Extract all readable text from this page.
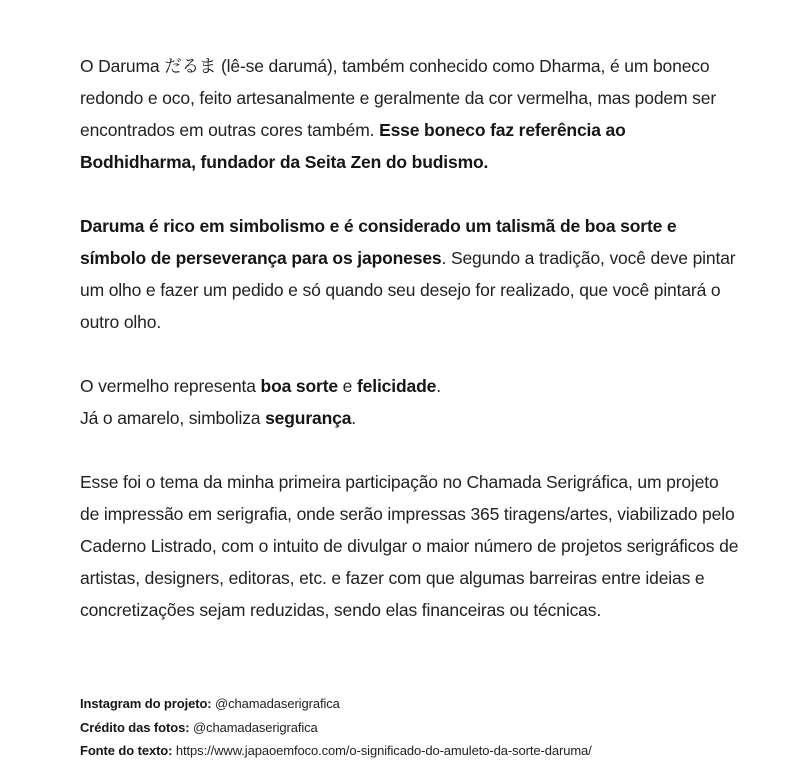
O Daruma だるま (lê-se darumá), também conhecido como Dharma, é um boneco redondo e oco, feito artesanalmente e geralmente da cor vermelha, mas podem ser encontrados em outras cores também. Esse boneco faz referência ao Bodhidharma, fundador da Seita Zen do budismo.

Daruma é rico em simbolismo e é considerado um talismã de boa sorte e símbolo de perseverança para os japoneses. Segundo a tradição, você deve pintar um olho e fazer um pedido e só quando seu desejo for realizado, que você pintará o outro olho.

O vermelho representa boa sorte e felicidade.
Já o amarelo, simboliza segurança.

Esse foi o tema da minha primeira participação no Chamada Serigráfica, um projeto de impressão em serigrafia, onde serão impressas 365 tiragens/artes, viabilizado pelo Caderno Listrado, com o intuito de divulgar o maior número de projetos serigráficos de artistas, designers, editoras, etc. e fazer com que algumas barreiras entre ideias e concretizações sejam reduzidas, sendo elas financeiras ou técnicas.

Instagram do projeto: @chamadaserigrafica
Crédito das fotos: @chamadaserigrafica
Fonte do texto: https://www.japaoemfoco.com/o-significado-do-amuleto-da-sorte-daruma/
